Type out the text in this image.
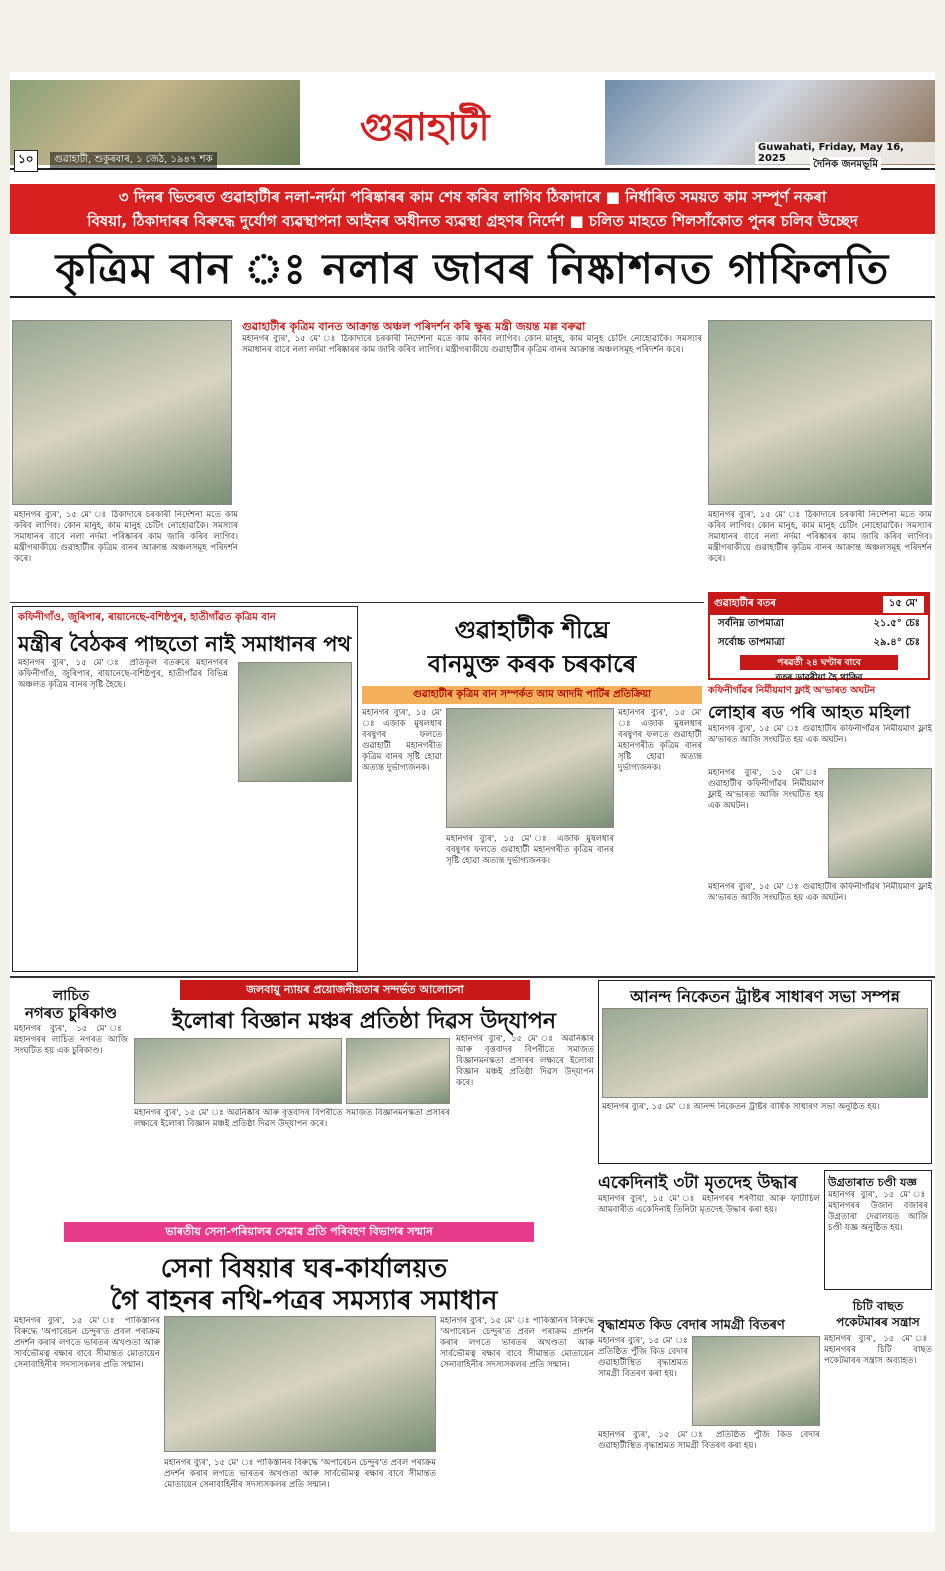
গুৱাহাটী
১০	গুৱাহাটী, শুকুৰবাৰ, ১ জেঠ, ১৯৪৭ শক
Guwahati, Friday, May 16, 2025
দৈনিক জনমভূমি
৩ দিনৰ ভিতৰত গুৱাহাটীৰ নলা-নৰ্দমা পৰিষ্কাৰৰ কাম শেষ কৰিব লাগিব ঠিকাদাৰে ■ নিৰ্ধাৰিত সময়ত কাম সম্পূৰ্ণ নকৰা
বিষয়া, ঠিকাদাৰৰ বিৰুদ্ধে দুৰ্যোগ ব্যৱস্থাপনা আইনৰ অধীনত ব্যৱস্থা গ্ৰহণৰ নিৰ্দেশ ■ চলিত মাহতে শিলসাঁকোত পুনৰ চলিব উচ্ছেদ
কৃত্ৰিম বান ঃ নলাৰ জাবৰ নিষ্কাশনত গাফিলতি
গুৱাহাটীৰ কৃত্ৰিম বানত আক্ৰান্ত অঞ্চল পৰিদৰ্শন কৰি ক্ষুব্ধ মন্ত্ৰী জয়ন্ত মল্ল বৰুৱা
মহানগৰ ব্যুৰ', ১৫ মে' ঃ ঠিকাদাৰে চৰকাৰী নিৰ্দেশনা মতে কাম কৰিব লাগিব। কোন মানুহ, কাম মানুহ চেটিং নোহোৱাকৈ। সমস্যাৰ সমাধানৰ বাবে নলা নৰ্দমা পৰিষ্কাৰৰ কাম জাৰি কৰিব লাগিব। মন্ত্ৰীগৰাকীয়ে গুৱাহাটীৰ কৃত্ৰিম বানৰ আক্ৰান্ত অঞ্চলসমূহ পৰিদৰ্শন কৰে।
মহানগৰ ব্যুৰ', ১৫ মে' ঃ ঠিকাদাৰে চৰকাৰী নিৰ্দেশনা মতে কাম কৰিব লাগিব। কোন মানুহ, কাম মানুহ চেটিং নোহোৱাকৈ। সমস্যাৰ সমাধানৰ বাবে নলা নৰ্দমা পৰিষ্কাৰৰ কাম জাৰি কৰিব লাগিব। মন্ত্ৰীগৰাকীয়ে গুৱাহাটীৰ কৃত্ৰিম বানৰ আক্ৰান্ত অঞ্চলসমূহ পৰিদৰ্শন কৰে।
মহানগৰ ব্যুৰ', ১৫ মে' ঃ ঠিকাদাৰে চৰকাৰী নিৰ্দেশনা মতে কাম কৰিব লাগিব। কোন মানুহ, কাম মানুহ চেটিং নোহোৱাকৈ। সমস্যাৰ সমাধানৰ বাবে নলা নৰ্দমা পৰিষ্কাৰৰ কাম জাৰি কৰিব লাগিব। মন্ত্ৰীগৰাকীয়ে গুৱাহাটীৰ কৃত্ৰিম বানৰ আক্ৰান্ত অঞ্চলসমূহ পৰিদৰ্শন কৰে।
গুৱাহাটীৰ বতৰ	১৫ মে'
সৰ্বনিম্ন তাপমাত্ৰা	২১.৫° চেঃ
সৰ্বোচ্চ তাপমাত্ৰা	২৯.৪° চেঃ
পৰৱৰ্তী ২৪ ঘণ্টাৰ বাবে
বতৰ ডাৱৰীয়া হৈ থাকিব
কফিনীগাঁও, জুৰিপাৰ, ৰায়ানেছে-বশিষ্ঠপুৰ, হাতীগাঁৱত কৃত্ৰিম বান
মন্ত্ৰীৰ বৈঠকৰ পাছতো নাই সমাধানৰ পথ
মহানগৰ ব্যুৰ', ১৫ মে' ঃ প্ৰতিকূল বতৰুৰে মহানগৰৰ কফিনীগাঁও, জুৰিপাৰ, ৰায়ানেছে-বশিষ্ঠপুৰ, হাতীগাঁৱৰ বিভিন্ন অঞ্চলত কৃত্ৰিম বানৰ সৃষ্টি হৈছে।
গুৱাহাটীক শীঘ্ৰে
বানমুক্ত কৰক চৰকাৰে
গুৱাহাটীৰ কৃত্ৰিম বান সম্পৰ্কত আম আদমি পাৰ্টিৰ প্ৰতিক্ৰিয়া
মহানগৰ ব্যুৰ', ১৫ মে' ঃ এজাক মুষলধাৰ বৰষুণৰ ফলতে গুৱাহাটী মহানগৰীত কৃত্ৰিম বানৰ সৃষ্টি হোৱা অত্যন্ত দুৰ্ভাগ্যজনক।
মহানগৰ ব্যুৰ', ১৫ মে' ঃ এজাক মুষলধাৰ বৰষুণৰ ফলতে গুৱাহাটী মহানগৰীত কৃত্ৰিম বানৰ সৃষ্টি হোৱা অত্যন্ত দুৰ্ভাগ্যজনক।
মহানগৰ ব্যুৰ', ১৫ মে' ঃ এজাক মুষলধাৰ বৰষুণৰ ফলতে গুৱাহাটী মহানগৰীত কৃত্ৰিম বানৰ সৃষ্টি হোৱা অত্যন্ত দুৰ্ভাগ্যজনক।
কফিনীগাঁৱৰ নিৰ্মীয়মাণ ফ্লাই অ'ভাৰত অঘটন
লোহাৰ ৰড পৰি আহত মহিলা
মহানগৰ ব্যুৰ', ১৫ মে' ঃ গুৱাহাটীৰ কফিনীগাঁৱৰ নিৰ্মীয়মাণ ফ্লাই অ'ভাৰত আজি সংঘটিত হয় এক অঘটন।
মহানগৰ ব্যুৰ', ১৫ মে' ঃ গুৱাহাটীৰ কফিনীগাঁৱৰ নিৰ্মীয়মাণ ফ্লাই অ'ভাৰত আজি সংঘটিত হয় এক অঘটন।
মহানগৰ ব্যুৰ', ১৫ মে' ঃ গুৱাহাটীৰ কফিনীগাঁৱৰ নিৰ্মীয়মাণ ফ্লাই অ'ভাৰত আজি সংঘটিত হয় এক অঘটন।
লাচিত
নগৰত চুৰিকাণ্ড
মহানগৰ ব্যুৰ', ১৫ মে' ঃ মহানগৰৰ লাচিত নগৰত আজি সংঘটিত হয় এক চুৰিকাণ্ড।
জলবায়ু ন্যায়ৰ প্ৰয়োজনীয়তাৰ সন্দৰ্ভত আলোচনা
ইলোৰা বিজ্ঞান মঞ্চৰ প্ৰতিষ্ঠা দিৱস উদ্‌যাপন
মহানগৰ ব্যুৰ', ১৫ মে' ঃ অৱনিষ্কাৰ আৰু বৃত্তবাদৰ বিপৰীতে সমাজত বিজ্ঞানমনস্কতা প্ৰসাৰৰ লক্ষ্যৰে ইলোৰা বিজ্ঞান মঞ্চই প্ৰতিষ্ঠা দিৱস উদ্‌যাপন কৰে।
মহানগৰ ব্যুৰ', ১৫ মে' ঃ অৱনিষ্কাৰ আৰু বৃত্তবাদৰ বিপৰীতে সমাজত বিজ্ঞানমনস্কতা প্ৰসাৰৰ লক্ষ্যৰে ইলোৰা বিজ্ঞান মঞ্চই প্ৰতিষ্ঠা দিৱস উদ্‌যাপন কৰে।
আনন্দ নিকেতন ট্ৰাষ্টৰ সাধাৰণ সভা সম্পন্ন
মহানগৰ ব্যুৰ', ১৫ মে' ঃ আনন্দ নিকেতন ট্ৰাষ্টৰ বাৰ্ষিক সাধাৰণ সভা অনুষ্ঠিত হয়।
ভাৰতীয় সেনা-পৰিয়ালৰ সেৱাৰ প্ৰতি পৰিবহণ বিভাগৰ সন্মান
সেনা বিষয়াৰ ঘৰ-কাৰ্যালয়ত
গৈ বাহনৰ নথি-পত্ৰৰ সমস্যাৰ সমাধান
মহানগৰ ব্যুৰ', ১৫ মে' ঃ পাকিস্তানৰ বিৰুদ্ধে 'অপাৰেচন চেন্দুৰ'ত প্ৰবল পৰাক্ৰম প্ৰদৰ্শন কৰাৰ লগতে ভাৰতৰ অখণ্ডতা আৰু সাৰ্বভৌমত্ব ৰক্ষাৰ বাবে সীমান্তত মোতায়েন সেনাবাহিনীৰ সদস্যসকলৰ প্ৰতি সন্মান।
মহানগৰ ব্যুৰ', ১৫ মে' ঃ পাকিস্তানৰ বিৰুদ্ধে 'অপাৰেচন চেন্দুৰ'ত প্ৰবল পৰাক্ৰম প্ৰদৰ্শন কৰাৰ লগতে ভাৰতৰ অখণ্ডতা আৰু সাৰ্বভৌমত্ব ৰক্ষাৰ বাবে সীমান্তত মোতায়েন সেনাবাহিনীৰ সদস্যসকলৰ প্ৰতি সন্মান।
মহানগৰ ব্যুৰ', ১৫ মে' ঃ পাকিস্তানৰ বিৰুদ্ধে 'অপাৰেচন চেন্দুৰ'ত প্ৰবল পৰাক্ৰম প্ৰদৰ্শন কৰাৰ লগতে ভাৰতৰ অখণ্ডতা আৰু সাৰ্বভৌমত্ব ৰক্ষাৰ বাবে সীমান্তত মোতায়েন সেনাবাহিনীৰ সদস্যসকলৰ প্ৰতি সন্মান।
একেদিনাই ৩টা মৃতদেহ উদ্ধাৰ
মহানগৰ ব্যুৰ', ১৫ মে' ঃ মহানগৰৰ শৰণীয়া আৰু ফাটাচিল আমবাৰীত একেদিনাই তিনিটা মৃতদেহ উদ্ধাৰ কৰা হয়।
উগ্ৰতাৰাত চণ্ডী যজ্ঞ
মহানগৰ ব্যুৰ', ১৫ মে' ঃ মহানগৰৰ উজান বজাৰৰ উগ্ৰতাৰা দেৱালয়ত আজি চণ্ডী যজ্ঞ অনুষ্ঠিত হয়।
চিটি বাছত
পকেটমাৰৰ সন্ত্ৰাস
মহানগৰ ব্যুৰ', ১৫ মে' ঃ মহানগৰৰ চিটি বাছত পকেটমাৰৰ সন্ত্ৰাস অব্যাহত।
বৃদ্ধাশ্ৰমত কিড বেদাৰ সামগ্ৰী বিতৰণ
মহানগৰ ব্যুৰ', ১৫ মে' ঃ প্ৰতিষ্ঠিত পুঁজি কিড বেদাৰ গুৱাহাটীস্থিত বৃদ্ধাশ্ৰমত সামগ্ৰী বিতৰণ কৰা হয়।
মহানগৰ ব্যুৰ', ১৫ মে' ঃ প্ৰতিষ্ঠিত পুঁজি কিড বেদাৰ গুৱাহাটীস্থিত বৃদ্ধাশ্ৰমত সামগ্ৰী বিতৰণ কৰা হয়।
